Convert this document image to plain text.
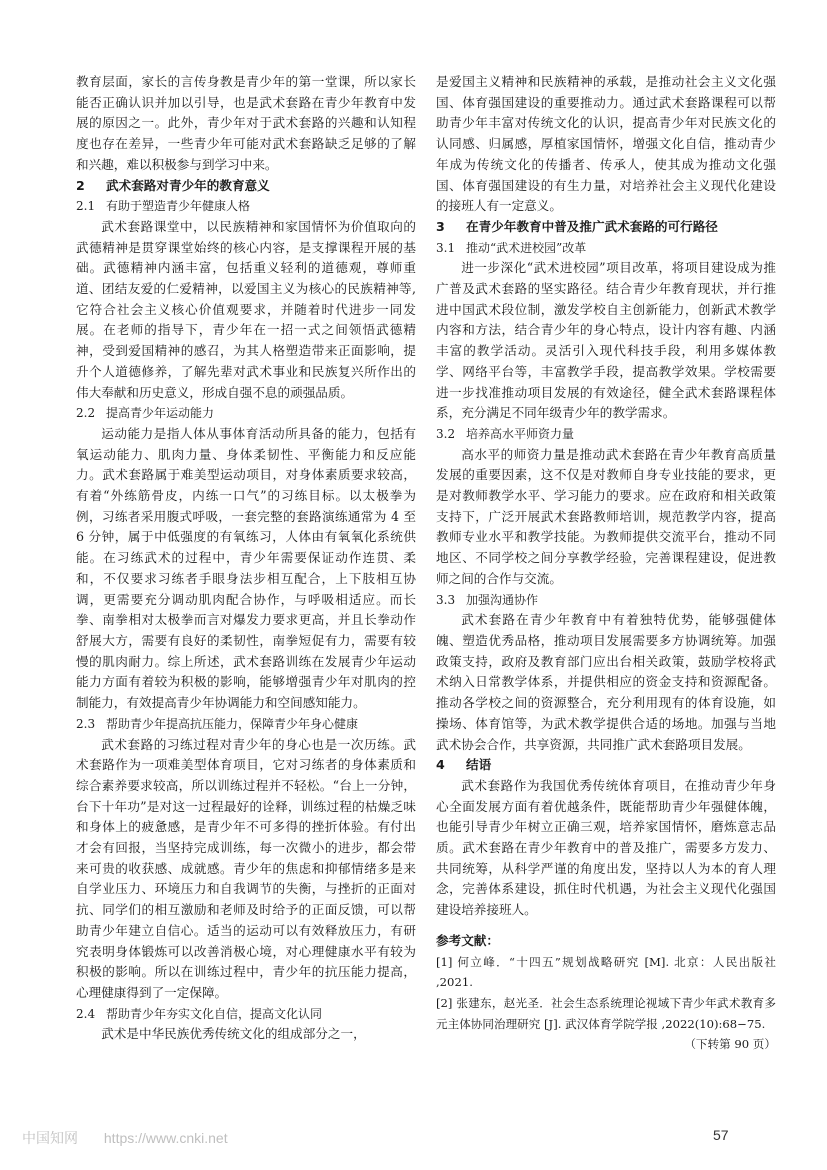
教育层面，家长的言传身教是青少年的第一堂课，所以家长能否正确认识并加以引导，也是武术套路在青少年教育中发展的原因之一。此外，青少年对于武术套路的兴趣和认知程度也存在差异，一些青少年可能对武术套路缺乏足够的了解和兴趣，难以积极参与到学习中来。

2 武术套路对青少年的教育意义

2.1 有助于塑造青少年健康人格

武术套路课堂中，以民族精神和家国情怀为价值取向的武德精神是贯穿课堂始终的核心内容，是支撑课程开展的基础。武德精神内涵丰富，包括重义轻利的道德观，尊师重道、团结友爱的仁爱精神，以爱国主义为核心的民族精神等,它符合社会主义核心价值观要求，并随着时代进步一同发展。在老师的指导下，青少年在一招一式之间领悟武德精神，受到爱国精神的感召，为其人格塑造带来正面影响，提升个人道德修养，了解先辈对武术事业和民族复兴所作出的伟大奉献和历史意义，形成自强不息的顽强品质。

2.2 提高青少年运动能力

运动能力是指人体从事体育活动所具备的能力，包括有氧运动能力、肌肉力量、身体柔韧性、平衡能力和反应能力。武术套路属于难美型运动项目，对身体素质要求较高，有着“外练筋骨皮，内练一口气”的习练目标。以太极拳为例，习练者采用腹式呼吸，一套完整的套路演练通常为 4 至 6 分钟，属于中低强度的有氧练习，人体由有氧氧化系统供能。在习练武术的过程中，青少年需要保证动作连贯、柔和，不仅要求习练者手眼身法步相互配合，上下肢相互协调，更需要充分调动肌肉配合协作，与呼吸相适应。而长拳、南拳相对太极拳而言对爆发力要求更高，并且长拳动作舒展大方，需要有良好的柔韧性，南拳短促有力，需要有较慢的肌肉耐力。综上所述，武术套路训练在发展青少年运动能力方面有着较为积极的影响，能够增强青少年对肌肉的控制能力，有效提高青少年协调能力和空间感知能力。

2.3 帮助青少年提高抗压能力，保障青少年身心健康

武术套路的习练过程对青少年的身心也是一次历练。武术套路作为一项难美型体育项目，它对习练者的身体素质和综合素养要求较高，所以训练过程并不轻松。“台上一分钟，台下十年功”是对这一过程最好的诠释，训练过程的枯燥乏味和身体上的疲惫感，是青少年不可多得的挫折体验。有付出才会有回报，当坚持完成训练，每一次微小的进步，都会带来可贵的收获感、成就感。青少年的焦虑和抑郁情绪多是来自学业压力、环境压力和自我调节的失衡，与挫折的正面对抗、同学们的相互激励和老师及时给予的正面反馈，可以帮助青少年建立自信心。适当的运动可以有效释放压力，有研究表明身体锻炼可以改善消极心境，对心理健康水平有较为积极的影响。所以在训练过程中，青少年的抗压能力提高，心理健康得到了一定保障。

2.4 帮助青少年夯实文化自信，提高文化认同

武术是中华民族优秀传统文化的组成部分之一，

是爱国主义精神和民族精神的承载，是推动社会主义文化强国、体育强国建设的重要推动力。通过武术套路课程可以帮助青少年丰富对传统文化的认识，提高青少年对民族文化的认同感、归属感，厚植家国情怀，增强文化自信，推动青少年成为传统文化的传播者、传承人，使其成为推动文化强国、体育强国建设的有生力量，对培养社会主义现代化建设的接班人有一定意义。

3 在青少年教育中普及推广武术套路的可行路径

3.1 推动“武术进校园”改革

进一步深化“武术进校园”项目改革，将项目建设成为推广普及武术套路的坚实路径。结合青少年教育现状，并行推进中国武术段位制，激发学校自主创新能力，创新武术教学内容和方法，结合青少年的身心特点，设计内容有趣、内涵丰富的教学活动。灵活引入现代科技手段，利用多媒体教学、网络平台等，丰富教学手段，提高教学效果。学校需要进一步找准推动项目发展的有效途径，健全武术套路课程体系，充分满足不同年级青少年的教学需求。

3.2 培养高水平师资力量

高水平的师资力量是推动武术套路在青少年教育高质量发展的重要因素，这不仅是对教师自身专业技能的要求，更是对教师教学水平、学习能力的要求。应在政府和相关政策支持下，广泛开展武术套路教师培训，规范教学内容，提高教师专业水平和教学技能。为教师提供交流平台，推动不同地区、不同学校之间分享教学经验，完善课程建设，促进教师之间的合作与交流。

3.3 加强沟通协作

武术套路在青少年教育中有着独特优势，能够强健体魄、塑造优秀品格，推动项目发展需要多方协调统筹。加强政策支持，政府及教育部门应出台相关政策，鼓励学校将武术纳入日常教学体系，并提供相应的资金支持和资源配备。推动各学校之间的资源整合，充分利用现有的体育设施，如操场、体育馆等，为武术教学提供合适的场地。加强与当地武术协会合作，共享资源，共同推广武术套路项目发展。

4 结语

武术套路作为我国优秀传统体育项目，在推动青少年身心全面发展方面有着优越条件，既能帮助青少年强健体魄，也能引导青少年树立正确三观，培养家国情怀，磨炼意志品质。武术套路在青少年教育中的普及推广，需要多方发力、共同统筹，从科学严谨的角度出发，坚持以人为本的育人理念，完善体系建设，抓住时代机遇，为社会主义现代化强国建设培养接班人。

参考文献：

[1] 何立峰．“十四五”规划战略研究 [M]. 北京：人民出版社 ,2021.

[2] 张建东，赵光圣．社会生态系统理论视域下青少年武术教育多元主体协同治理研究 [J]. 武汉体育学院学报 ,2022(10):68−75.

（下转第 90 页）

57
中国知网 https://www.cnki.net
